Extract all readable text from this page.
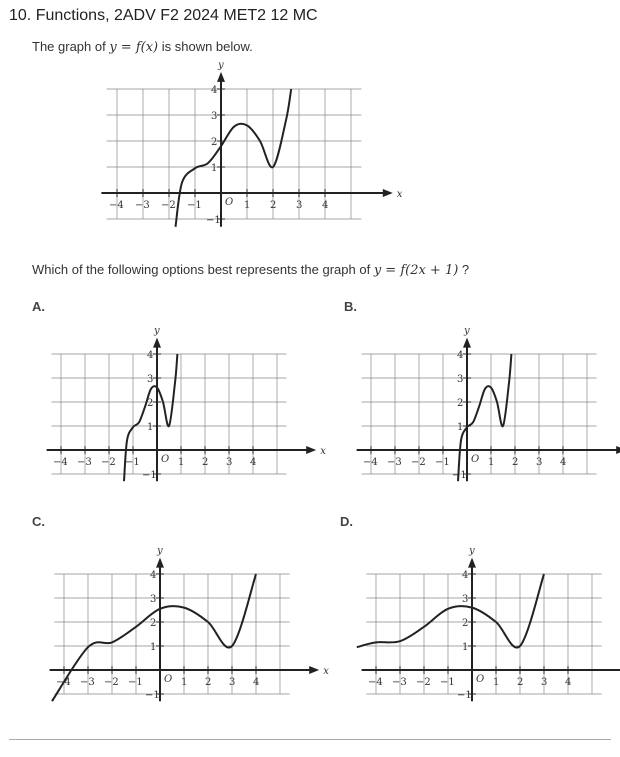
10. Functions, 2ADV F2 2024 MET2 12 MC
The graph of y = f(x) is shown below.
x
y
O
−4 −3 −2 −1	1 2 3 4
−1
1
2
3
4
Which of the following options best represents the graph of y = f(2x + 1) ?
A.
x
y
O
−4 −3 −2 −1	1 2 3 4
−1
1
2
3
4
B.
y
O
−4 −3 −2 −1	1 2 3 4
−1
1
2
3
4
C.
x
y
O
−4 −3 −2 −1	1 2 3 4
−1
1
2
3
4
D.
y
O
−4 −3 −2 −1	1 2 3 4
−1
1
2
3
4
